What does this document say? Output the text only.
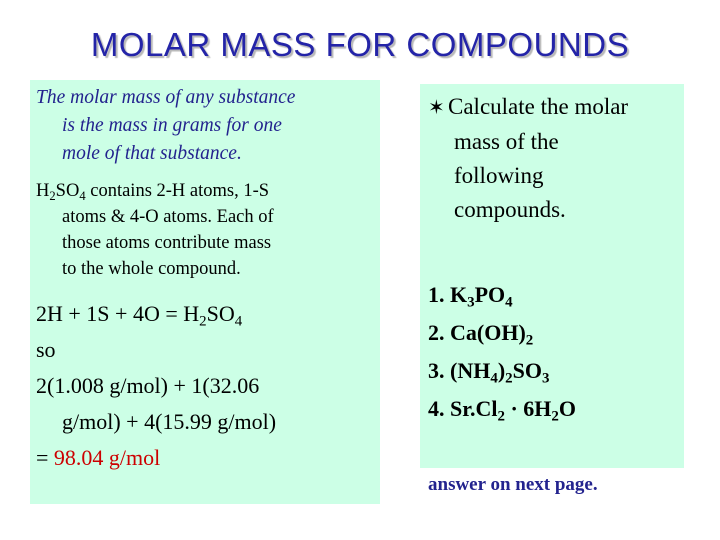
MOLAR MASS FOR COMPOUNDS
The molar mass of any substance
is the mass in grams for one
mole of that substance.
$H_2SO_4$ contains 2-H atoms, 1-S
atoms & 4-O atoms. Each of
those atoms contribute mass
to the whole compound.
$2H + 1S + 4O = H_2SO_4$
so
2(1.008 g/mol) + 1(32.06
g/mol) + 4(15.99 g/mol)
= 98.04 g/mol
✶ Calculate the molar
mass of the
following
compounds.
1. $K_3PO_4$
2. $Ca(OH)_2$
3. $(NH_4)_2SO_3$
4. $Sr.Cl_2 \cdot 6H_2O$
answer on next page.
